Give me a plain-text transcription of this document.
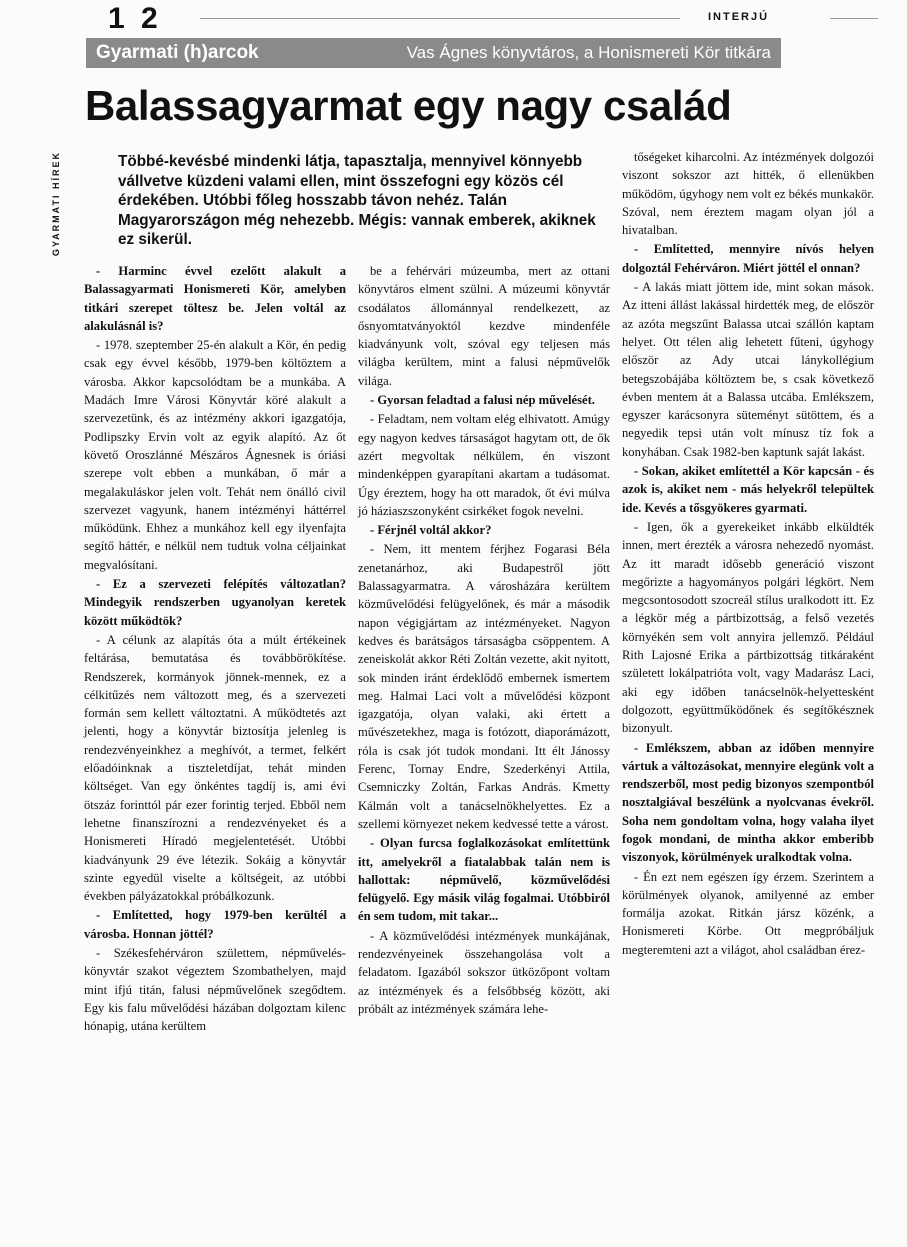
1 2	INTERJÚ
Gyarmati (h)arcok	Vas Ágnes könyvtáros, a Honismereti Kör titkára
GYARMATI HÍREK
Balassagyarmat egy nagy család
Többé-kevésbé mindenki látja, tapasztalja, mennyivel könnyebb vállvetve küzdeni valami ellen, mint összefogni egy közös cél érdekében. Utóbbi főleg hosszabb távon nehéz. Talán Magyarországon még nehezebb. Mégis: vannak emberek, akiknek ez sikerül.

- Harminc évvel ezelőtt alakult a Balassagyarmati Honismereti Kör, amelyben titkári szerepet töltesz be. Jelen voltál az alakulásnál is?

- 1978. szeptember 25-én alakult a Kör, én pedig csak egy évvel később, 1979-ben költöztem a városba. Akkor kapcsolódtam be a munkába. A Madách Imre Városi Könyvtár köré alakult a szervezetünk, és az intézmény akkori igazgatója, Podlipszky Ervin volt az egyik alapító. Az őt követő Oroszlánné Mészáros Ágnesnek is óriási szerepe volt ebben a munkában, ő már a megalakuláskor jelen volt. Tehát nem önálló civil szervezet vagyunk, hanem intézményi háttérrel működünk. Ehhez a munkához kell egy ilyenfajta segítő háttér, e nélkül nem tudtuk volna céljainkat megvalósítani.

- Ez a szervezeti felépítés változatlan? Mindegyik rendszerben ugyanolyan keretek között működtök?

- A célunk az alapítás óta a múlt értékeinek feltárása, bemutatása és továbbörökítése. Rendszerek, kormányok jönnek-mennek, ez a célkitűzés nem változott meg, és a szervezeti formán sem kellett változtatni. A működtetés azt jelenti, hogy a könyvtár biztosítja jelenleg is rendezvényeinkhez a meghívót, a termet, felkért előadóinknak a tiszteletdíjat, tehát minden költséget. Van egy önkéntes tagdíj is, ami évi ötszáz forinttól pár ezer forintig terjed. Ebből nem lehetne finanszírozni a rendezvényeket és a Honismereti Híradó megjelentetését. Utóbbi kiadványunk 29 éve létezik. Sokáig a könyvtár szinte egyedül viselte a költségeit, az utóbbi években pályázatokkal próbálkozunk.

- Említetted, hogy 1979-ben kerültél a városba. Honnan jöttél?

- Székesfehérváron születtem, népművelés-könyvtár szakot végeztem Szombathelyen, majd mint ifjú titán, falusi népművelőnek szegődtem. Egy kis falu művelődési házában dolgoztam kilenc hónapig, utána kerültem

be a fehérvári múzeumba, mert az ottani könyvtáros elment szülni. A múzeumi könyvtár csodálatos állománnyal rendelkezett, az ősnyomtatványoktól kezdve mindenféle kiadványunk volt, szóval egy teljesen más világba kerültem, mint a falusi népművelők világa.

- Gyorsan feladtad a falusi nép művelését.

- Feladtam, nem voltam elég elhivatott. Amúgy egy nagyon kedves társaságot hagytam ott, de ők azért megvoltak nélkülem, én viszont mindenképpen gyarapítani akartam a tudásomat. Úgy éreztem, hogy ha ott maradok, őt évi múlva jó háziaszszonyként csirkéket fogok nevelni.

- Férjnél voltál akkor?

- Nem, itt mentem férjhez Fogarasi Béla zenetanárhoz, aki Budapestről jött Balassagyarmatra. A városházára kerültem közművelődési felügyelőnek, és már a második napon végigjártam az intézményeket. Nagyon kedves és barátságos társaságba csöppentem. A zeneiskolát akkor Réti Zoltán vezette, akit nyitott, sok minden iránt érdeklődő embernek ismertem meg. Halmai Laci volt a művelődési központ igazgatója, olyan valaki, aki értett a művészetekhez, maga is fotózott, diaporámázott, róla is csak jót tudok mondani. Itt élt Jánossy Ferenc, Tornay Endre, Szederkényi Attila, Csemniczky Zoltán, Farkas András. Kmetty Kálmán volt a tanácselnökhelyettes. Ez a szellemi környezet nekem kedvessé tette a várost.

- Olyan furcsa foglalkozásokat említettünk itt, amelyekről a fiatalabbak talán nem is hallottak: népművelő, közművelődési felügyelő. Egy másik világ fogalmai. Utóbbiról én sem tudom, mit takar...

- A közművelődési intézmények munkájának, rendezvényeinek összehangolása volt a feladatom. Igazából sokszor ütközőpont voltam az intézmények és a felsőbbség között, aki próbált az intézmények számára lehe-

tőségeket kiharcolni. Az intézmények dolgozói viszont sokszor azt hitték, ő ellenükben működöm, úgyhogy nem volt ez békés munkakör. Szóval, nem éreztem magam olyan jól a hivatalban.

- Említetted, mennyire nívós helyen dolgoztál Fehérváron. Miért jöttél el onnan?

- A lakás miatt jöttem ide, mint sokan mások. Az itteni állást lakással hirdették meg, de először az azóta megszűnt Balassa utcai szállón kaptam helyet. Ott télen alig lehetett fűteni, úgyhogy először az Ady utcai lánykollégium betegszobájába költöztem be, s csak következő évben mentem át a Balassa utcába. Emlékszem, egyszer karácsonyra süteményt sütöttem, és a negyedik tepsi után volt mínusz tíz fok a konyhában. Csak 1982-ben kaptunk saját lakást.

- Sokan, akiket említettél a Kör kapcsán - és azok is, akiket nem - más helyekről települtek ide. Kevés a tősgyökeres gyarmati.

- Igen, ők a gyerekeiket inkább elküldték innen, mert érezték a városra nehezedő nyomást. Az itt maradt idősebb generáció viszont megőrizte a hagyományos polgári légkört. Nem megcsontosodott szocreál stílus uralkodott itt. Ez a légkör még a pártbizottság, a felső vezetés környékén sem volt annyira jellemző. Például Rith Lajosné Erika a pártbizottság titkáraként született lokálpatrióta volt, vagy Madarász Laci, aki egy időben tanácselnök-helyettesként dolgozott, együttműködőnek és segítőkésznek bizonyult.

- Emlékszem, abban az időben mennyire vártuk a változásokat, mennyire elegünk volt a rendszerből, most pedig bizonyos szempontból nosztalgiával beszélünk a nyolcvanas évekről. Soha nem gondoltam volna, hogy valaha ilyet fogok mondani, de mintha akkor emberibb viszonyok, körülmények uralkodtak volna.

- Én ezt nem egészen így érzem. Szerintem a körülmények olyanok, amilyenné az ember formálja azokat. Ritkán jársz közénk, a Honismereti Körbe. Ott megpróbáljuk megteremteni azt a világot, ahol családban érez-
